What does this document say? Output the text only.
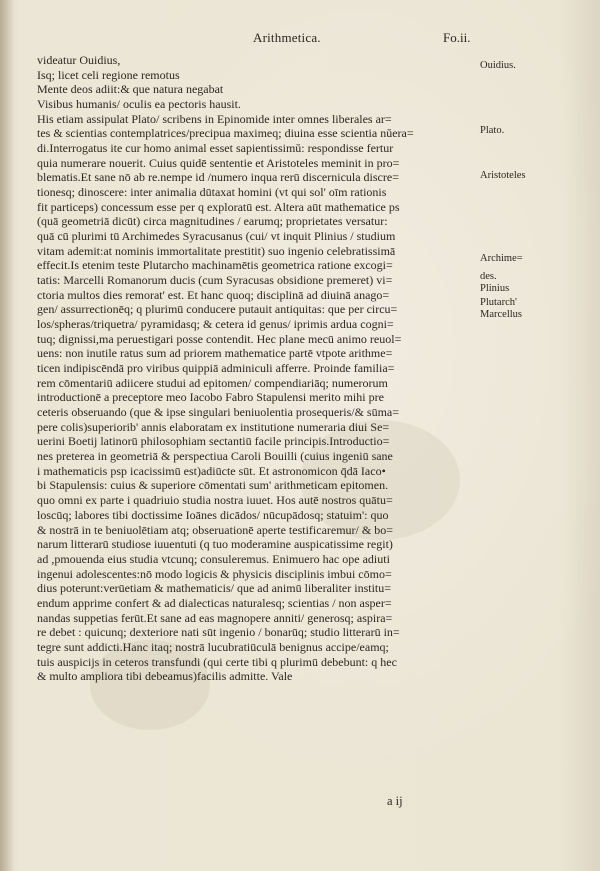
Arithmetica.	Fo.ii.
videatur Ouidius,
Isq; licet celi regione remotus
Mente deos adiit:& que natura negabat
Visibus humanis/ oculis ea pectoris hausit.
His etiam assipulat Plato/ scribens in Epinomide inter omnes liberales ar=
tes & scientias contemplatrices/precipua maximeq; diuina esse scientia nŭera=
di.Interrogatus ite cur homo animal esset sapientissimŭ: respondisse fertur
quia numerare nouerit. Cuius quidē sententie et Aristoteles meminit in pro=
blematis.Et sane nō ab re.nempe id /numero inqua rerū discernicula discre=
tionesq; dinoscere: inter animalia dūtaxat homini (vt qui sol' oīm rationis
fit particeps) concessum esse per q exploratū est. Altera aūt mathematice ps
(quā geometriā dicūt) circa magnitudines / earumq; proprietates versatur:
quā cū plurimi tū Archimedes Syracusanus (cui/ vt inquit Plinius / studium
vitam ademit:at nominis immortalitate prestitit) suo ingenio celebratissimā
effecit.Is etenim teste Plutarcho machinamētis geometrica ratione excogi=
tatis: Marcelli Romanorum ducis (cum Syracusas obsidione premeret) vi=
ctoria multos dies remorat' est. Et hanc quoq; disciplinā ad diuinā anago=
gen/ assurrectionēq; q plurimū conducere putauit antiquitas: que per circu=
los/spheras/triquetra/ pyramidasq; & cetera id genus/ iprimis ardua cogni=
tuq; dignissi,ma peruestigari posse contendit. Hec plane mecū animo reuol=
uens: non inutile ratus sum ad priorem mathematice partē vtpote arithme=
ticen indipiscēndā pro viribus quippiā adminiculi afferre. Proinde familia=
rem cōmentariū adiicere studui ad epitomen/ compendiariāq; numerorum
introductionē a preceptore meo Iacobo Fabro Stapulensi merito mihi pre
ceteris obseruando (que & ipse singulari beniuolentia prosequeris/& sūma=
pere colis)superiorib' annis elaboratam ex institutione numeraria diui Se=
uerini Boetij latinorū philosophiam sectantiū facile principis.Introductio=
nes preterea in geometriā & perspectiua Caroli Bouilli (cuius ingeniū sane
i mathematicis psp icacissimū est)adiūcte sūt. Et astronomicon q̄dā Iaco•
bi Stapulensis: cuius & superiore cōmentati sum' arithmeticam epitomen.
quo omni ex parte i quadriuio studia nostra iuuet. Hos autē nostros quātu=
loscūq; labores tibi doctissime Ioānes dicādos/ nūcupādosq; statuim': quo
& nostrā in te beniuolētiam atq; obseruationē aperte testificaremur/ & bo=
narum litterarū studiose iuuentuti (q tuo moderamine auspicatissime regit)
ad ,pmouenda eius studia vtcunq; consuleremus. Enimuero hac ope adiuti
ingenui adolescentes:nō modo logicis & physicis disciplinis imbui cōmo=
dius poterunt:verūetiam & mathematicis/ que ad animū liberaliter institu=
endum apprime confert & ad dialecticas naturalesq; scientias / non asper=
nandas suppetias ferūt.Et sane ad eas magnopere anniti/ generosq; aspira=
re debet : quicunq; dexteriore nati sūt ingenio / bonarūq; studio litterarū in=
tegre sunt addicti.Hanc itaq; nostrā lucubratiūculā benignus accipe/eamq;
tuis auspicijs in ceteros transfundi (qui certe tibi q plurimū debebunt: q hec
& multo ampliora tibi debeamus)facilis admitte. Vale
Ouidius.
Plato.
Aristoteles
Archime=
des.
Plinius
Plutarch'
Marcellus
a ij
